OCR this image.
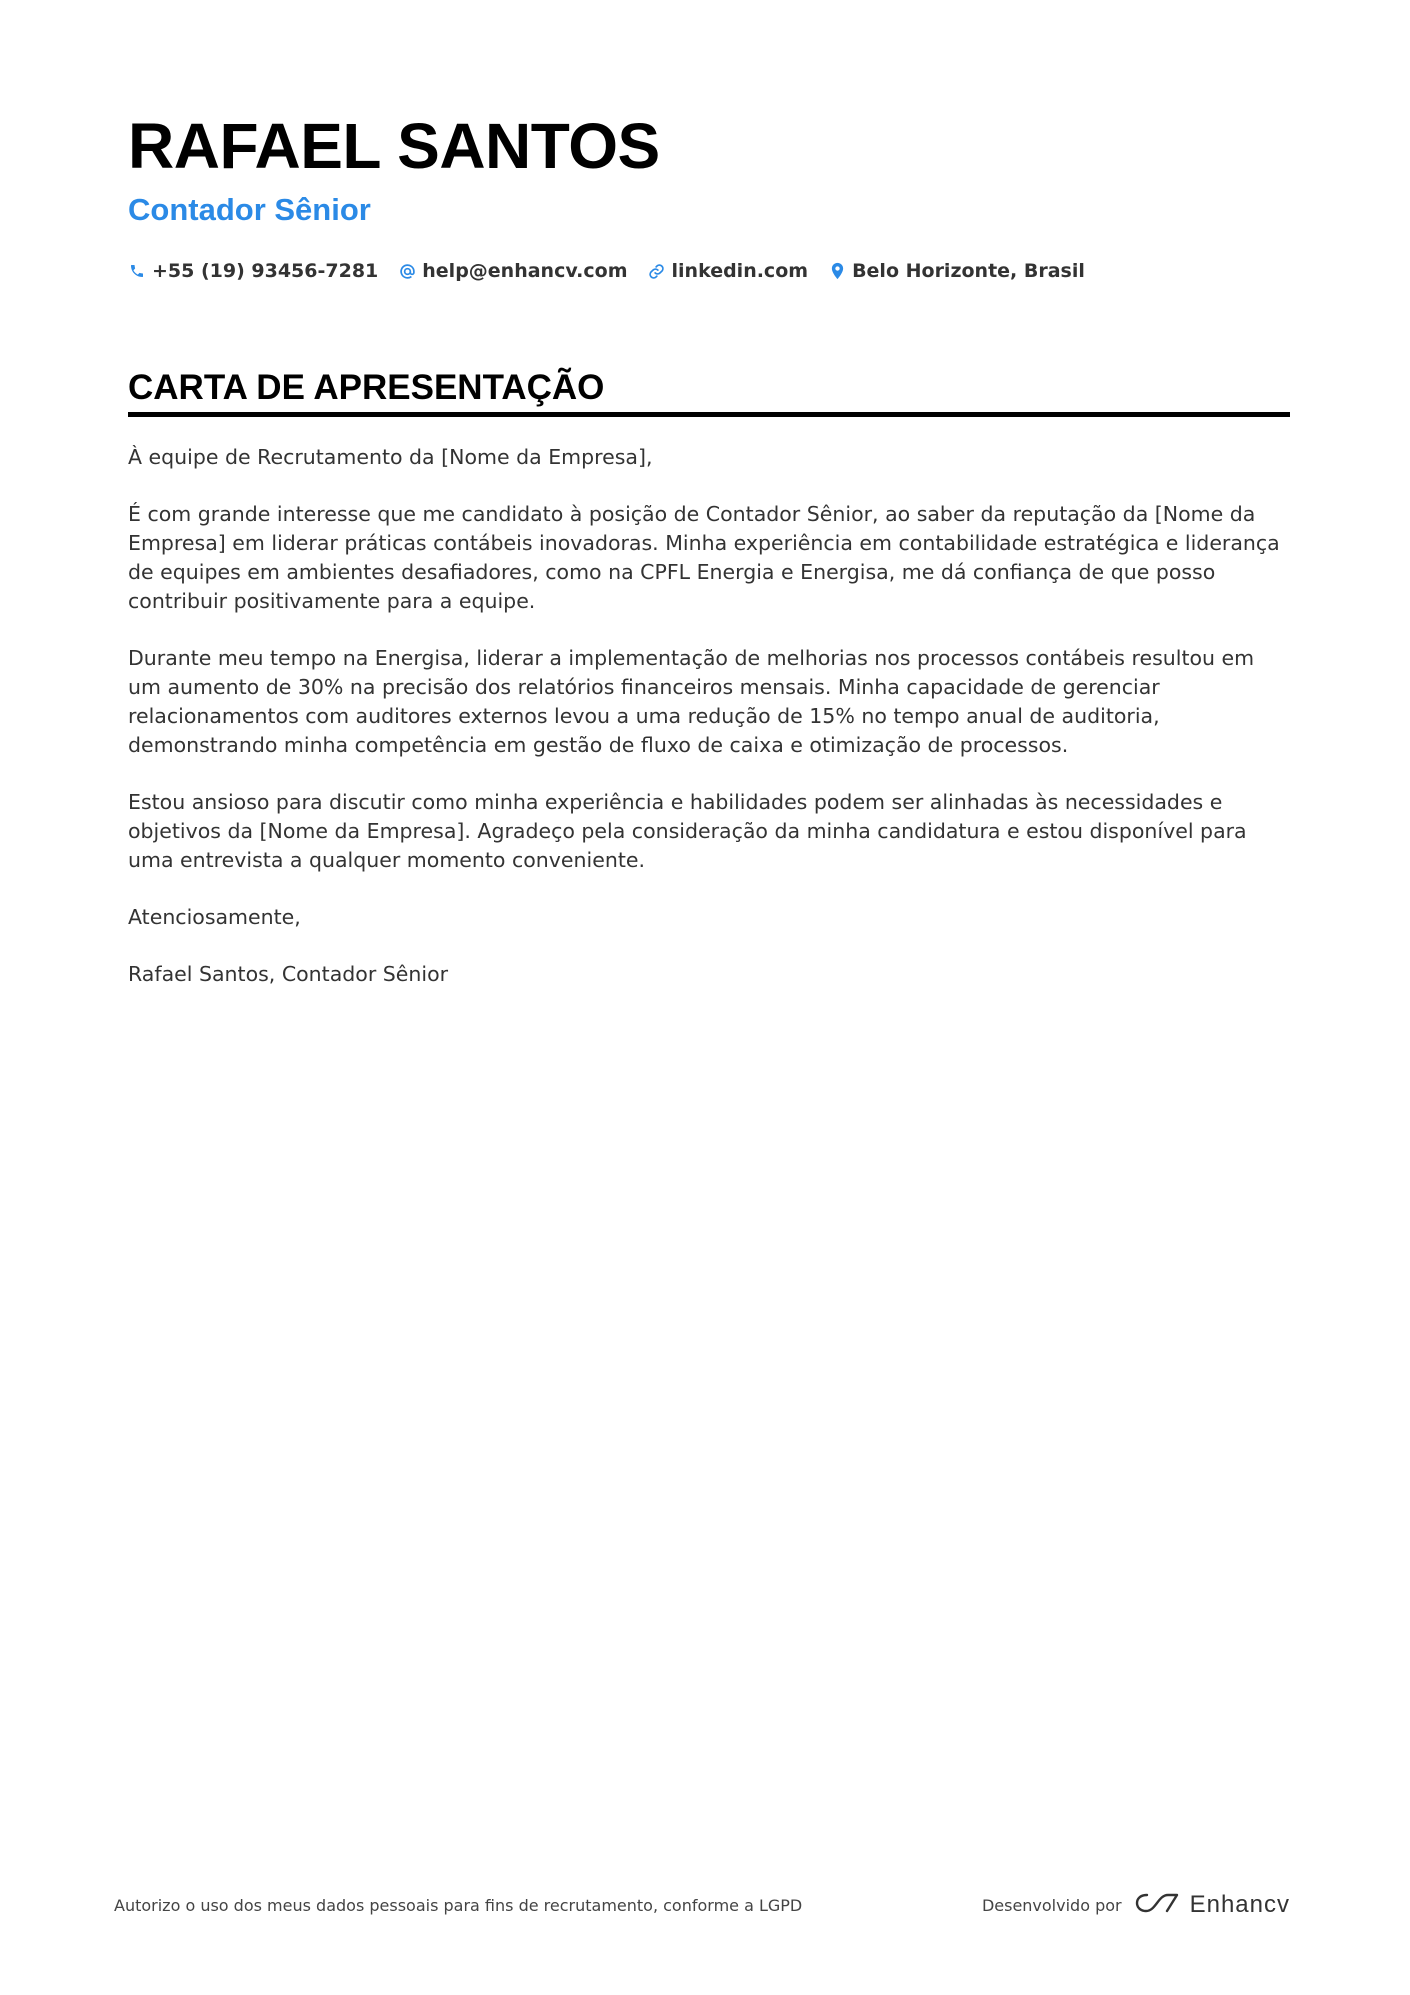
RAFAEL SANTOS
Contador Sênior
+55 (19) 93456-7281 help@enhancv.com linkedin.com Belo Horizonte, Brasil
CARTA DE APRESENTAÇÃO

À equipe de Recrutamento da [Nome da Empresa],

É com grande interesse que me candidato à posição de Contador Sênior, ao saber da reputação da [Nome da Empresa] em liderar práticas contábeis inovadoras. Minha experiência em contabilidade estratégica e liderança de equipes em ambientes desafiadores, como na CPFL Energia e Energisa, me dá confiança de que posso contribuir positivamente para a equipe.

Durante meu tempo na Energisa, liderar a implementação de melhorias nos processos contábeis resultou em um aumento de 30% na precisão dos relatórios financeiros mensais. Minha capacidade de gerenciar relacionamentos com auditores externos levou a uma redução de 15% no tempo anual de auditoria, demonstrando minha competência em gestão de fluxo de caixa e otimização de processos.

Estou ansioso para discutir como minha experiência e habilidades podem ser alinhadas às necessidades e objetivos da [Nome da Empresa]. Agradeço pela consideração da minha candidatura e estou disponível para uma entrevista a qualquer momento conveniente.

Atenciosamente,

Rafael Santos, Contador Sênior

Autorizo o uso dos meus dados pessoais para fins de recrutamento, conforme a LGPD	Desenvolvido por	Enhancv
